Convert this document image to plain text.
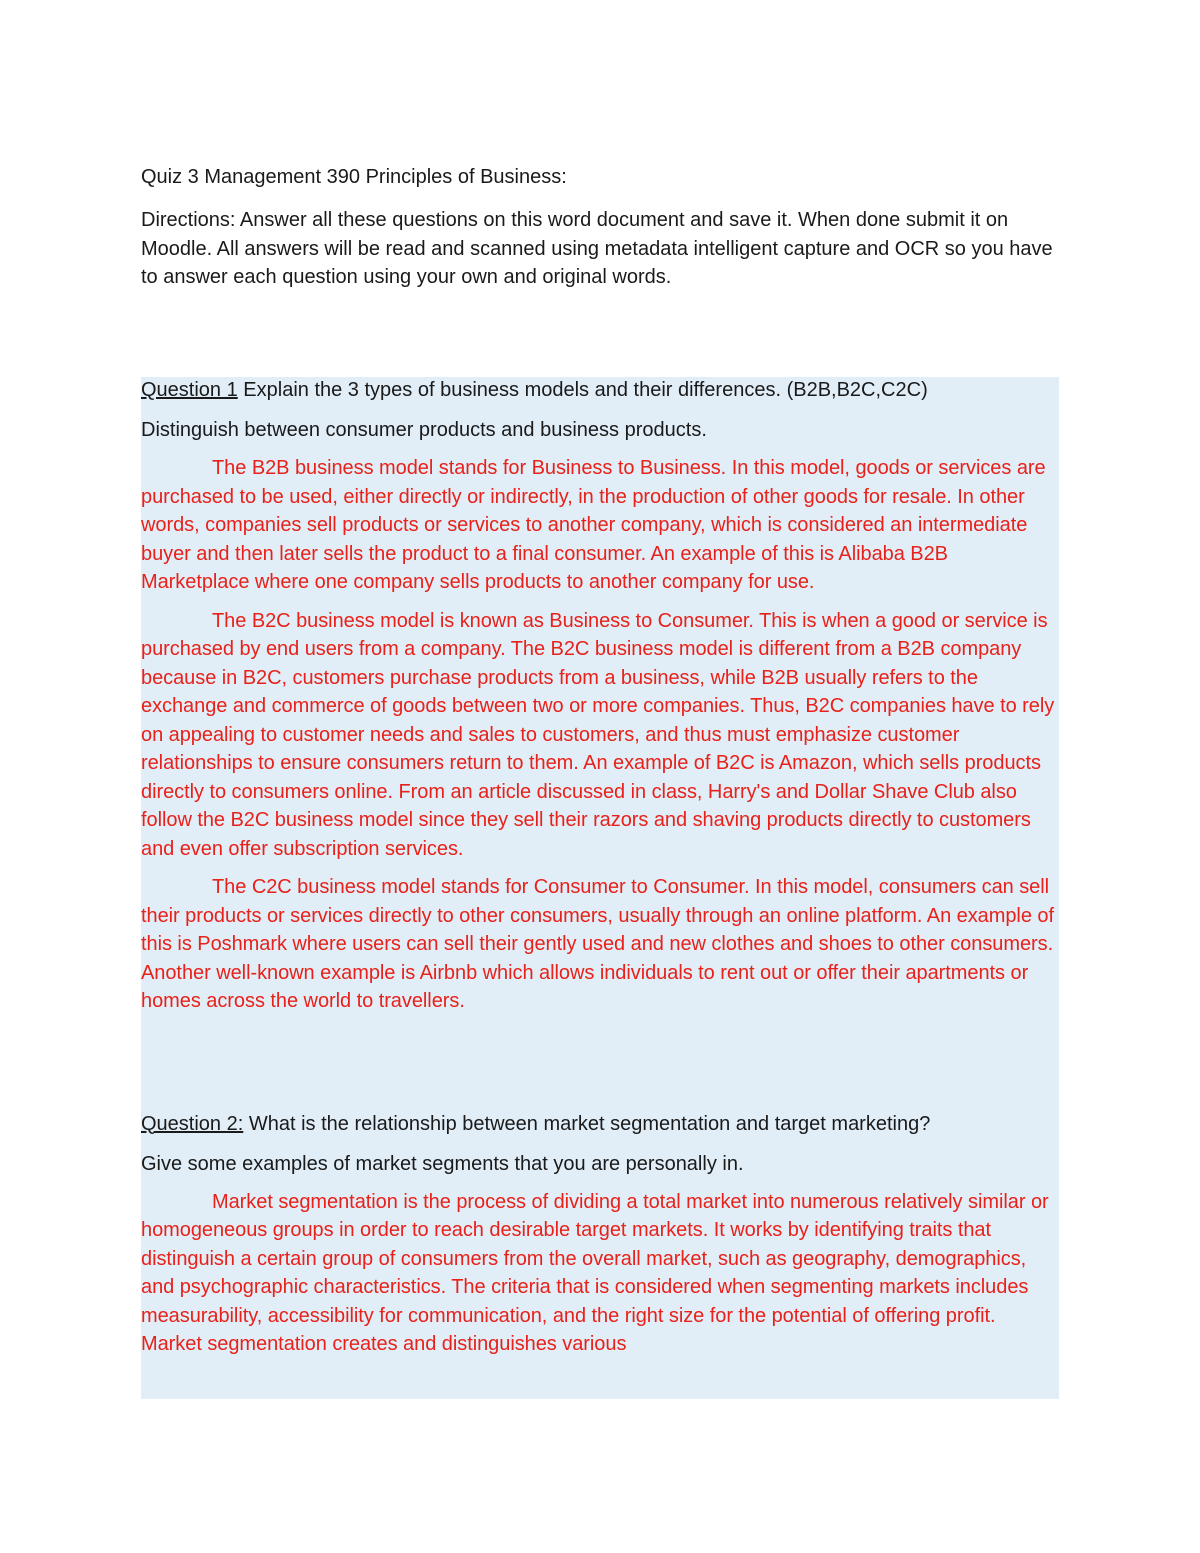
Quiz 3 Management 390 Principles of Business:

Directions: Answer all these questions on this word document and save it. When done submit it on Moodle. All answers will be read and scanned using metadata intelligent capture and OCR so you have to answer each question using your own and original words.

Question 1 Explain the 3 types of business models and their differences. (B2B,B2C,C2C)

Distinguish between consumer products and business products.

The B2B business model stands for Business to Business. In this model, goods or services are purchased to be used, either directly or indirectly, in the production of other goods for resale. In other words, companies sell products or services to another company, which is considered an intermediate buyer and then later sells the product to a final consumer. An example of this is Alibaba B2B Marketplace where one company sells products to another company for use.

The B2C business model is known as Business to Consumer. This is when a good or service is purchased by end users from a company. The B2C business model is different from a B2B company because in B2C, customers purchase products from a business, while B2B usually refers to the exchange and commerce of goods between two or more companies. Thus, B2C companies have to rely on appealing to customer needs and sales to customers, and thus must emphasize customer relationships to ensure consumers return to them. An example of B2C is Amazon, which sells products directly to consumers online. From an article discussed in class, Harry's and Dollar Shave Club also follow the B2C business model since they sell their razors and shaving products directly to customers and even offer subscription services.

The C2C business model stands for Consumer to Consumer. In this model, consumers can sell their products or services directly to other consumers, usually through an online platform. An example of this is Poshmark where users can sell their gently used and new clothes and shoes to other consumers. Another well-known example is Airbnb which allows individuals to rent out or offer their apartments or homes across the world to travellers.

Question 2: What is the relationship between market segmentation and target marketing?

Give some examples of market segments that you are personally in.

Market segmentation is the process of dividing a total market into numerous relatively similar or homogeneous groups in order to reach desirable target markets. It works by identifying traits that distinguish a certain group of consumers from the overall market, such as geography, demographics, and psychographic characteristics. The criteria that is considered when segmenting markets includes measurability, accessibility for communication, and the right size for the potential of offering profit. Market segmentation creates and distinguishes various
